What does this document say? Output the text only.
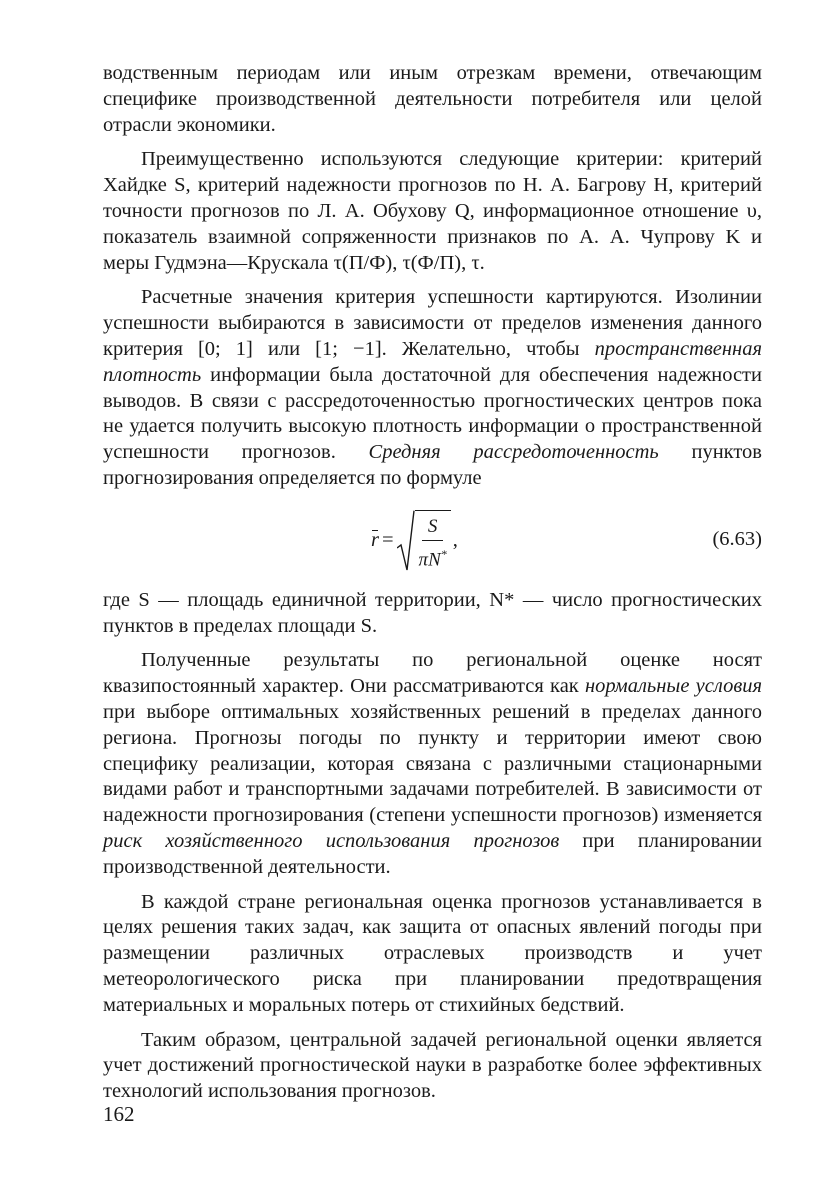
водственным периодам или иным отрезкам времени, отвечающим специфике производственной деятельности потребителя или целой отрасли экономики.

Преимущественно используются следующие критерии: критерий Хайдке S, критерий надежности прогнозов по Н. А. Багрову H, критерий точности прогнозов по Л. А. Обухову Q, информационное отношение υ, показатель взаимной сопряженности признаков по А. А. Чупрову K и меры Гудмэна—Крускала τ(П/Ф), τ(Ф/П), τ.

Расчетные значения критерия успешности картируются. Изолинии успешности выбираются в зависимости от пределов изменения данного критерия [0; 1] или [1; −1]. Желательно, чтобы пространственная плотность информации была достаточной для обеспечения надежности выводов. В связи с рассредоточенностью прогностических центров пока не удается получить высокую плотность информации о пространственной успешности прогнозов. Средняя рассредоточенность пунктов прогнозирования определяется по формуле

$r = \frac{S}{\pi N^*}$ ,	(6.63)

где S — площадь единичной территории, N* — число прогностических пунктов в пределах площади S.

Полученные результаты по региональной оценке носят квазипостоянный характер. Они рассматриваются как нормальные условия при выборе оптимальных хозяйственных решений в пределах данного региона. Прогнозы погоды по пункту и территории имеют свою специфику реализации, которая связана с различными стационарными видами работ и транспортными задачами потребителей. В зависимости от надежности прогнозирования (степени успешности прогнозов) изменяется риск хозяйственного использования прогнозов при планировании производственной деятельности.

В каждой стране региональная оценка прогнозов устанавливается в целях решения таких задач, как защита от опасных явлений погоды при размещении различных отраслевых производств и учет метеорологического риска при планировании предотвращения материальных и моральных потерь от стихийных бедствий.

Таким образом, центральной задачей региональной оценки является учет достижений прогностической науки в разработке более эффективных технологий использования прогнозов.

162
